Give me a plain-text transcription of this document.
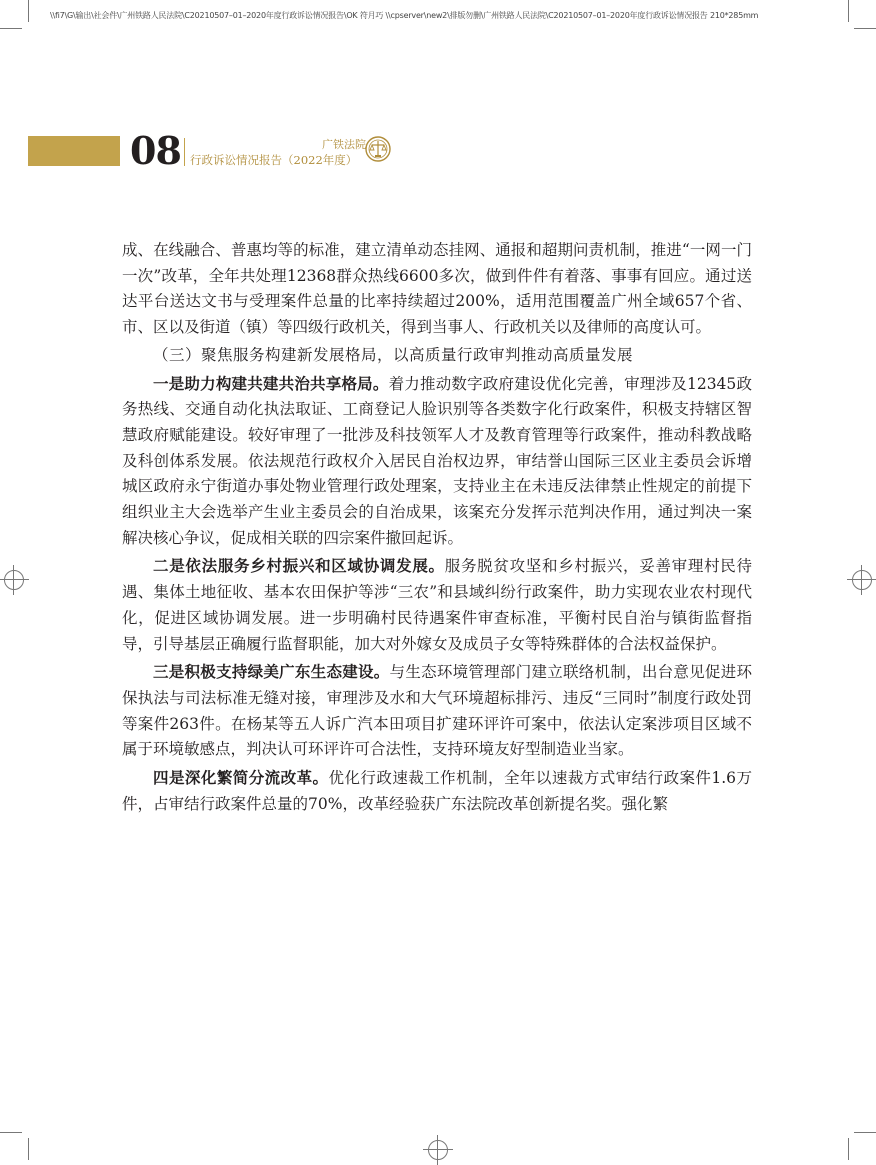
\\fi7\G\输出\社会件\广州铁路人民法院\C20210507–01–2020年度行政诉讼情况报告\OK 符月巧 \\cpserver\new2\排版勿删\广州铁路人民法院\C20210507–01–2020年度行政诉讼情况报告 210*285mm
08	广铁法院
行政诉讼情况报告（2022年度）

成、在线融合、普惠均等的标准，建立清单动态挂网、通报和超期问责机制，推进“一网一门一次”改革，全年共处理12368群众热线6600多次，做到件件有着落、事事有回应。通过送达平台送达文书与受理案件总量的比率持续超过200%，适用范围覆盖广州全域657个省、市、区以及街道（镇）等四级行政机关，得到当事人、行政机关以及律师的高度认可。

（三）聚焦服务构建新发展格局，以高质量行政审判推动高质量发展

一是助力构建共建共治共享格局。着力推动数字政府建设优化完善，审理涉及12345政务热线、交通自动化执法取证、工商登记人脸识别等各类数字化行政案件，积极支持辖区智慧政府赋能建设。较好审理了一批涉及科技领军人才及教育管理等行政案件，推动科教战略及科创体系发展。依法规范行政权介入居民自治权边界，审结誉山国际三区业主委员会诉增城区政府永宁街道办事处物业管理行政处理案，支持业主在未违反法律禁止性规定的前提下组织业主大会选举产生业主委员会的自治成果，该案充分发挥示范判决作用，通过判决一案解决核心争议，促成相关联的四宗案件撤回起诉。

二是依法服务乡村振兴和区域协调发展。服务脱贫攻坚和乡村振兴，妥善审理村民待遇、集体土地征收、基本农田保护等涉“三农”和县域纠纷行政案件，助力实现农业农村现代化，促进区域协调发展。进一步明确村民待遇案件审查标准，平衡村民自治与镇街监督指导，引导基层正确履行监督职能，加大对外嫁女及成员子女等特殊群体的合法权益保护。

三是积极支持绿美广东生态建设。与生态环境管理部门建立联络机制，出台意见促进环保执法与司法标准无缝对接，审理涉及水和大气环境超标排污、违反“三同时”制度行政处罚等案件263件。在杨某等五人诉广汽本田项目扩建环评许可案中，依法认定案涉项目区域不属于环境敏感点，判决认可环评许可合法性，支持环境友好型制造业当家。

四是深化繁简分流改革。优化行政速裁工作机制，全年以速裁方式审结行政案件1.6万件，占审结行政案件总量的70%，改革经验获广东法院改革创新提名奖。强化繁
